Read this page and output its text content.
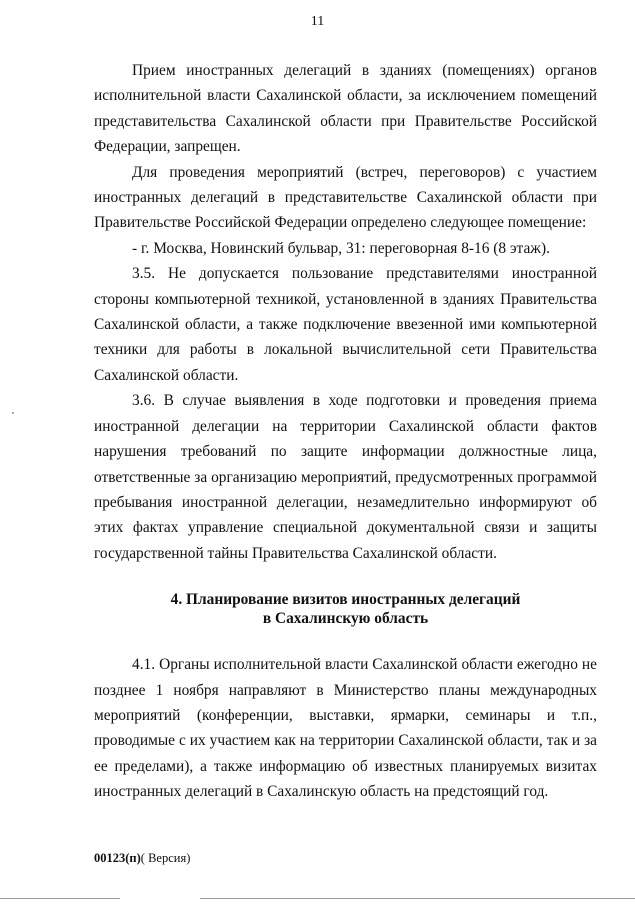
11

Прием иностранных делегаций в зданиях (помещениях) органов исполнительной власти Сахалинской области, за исключением помещений представительства Сахалинской области при Правительстве Российской Федерации, запрещен.

Для проведения мероприятий (встреч, переговоров) с участием иностранных делегаций в представительстве Сахалинской области при Правительстве Российской Федерации определено следующее помещение:

- г. Москва, Новинский бульвар, 31: переговорная 8-16 (8 этаж).

3.5. Не допускается пользование представителями иностранной стороны компьютерной техникой, установленной в зданиях Правительства Сахалинской области, а также подключение ввезенной ими компьютерной техники для работы в локальной вычислительной сети Правительства Сахалинской области.

3.6. В случае выявления в ходе подготовки и проведения приема иностранной делегации на территории Сахалинской области фактов нарушения требований по защите информации должностные лица, ответственные за организацию мероприятий, предусмотренных программой пребывания иностранной делегации, незамедлительно информируют об этих фактах управление специальной документальной связи и защиты государственной тайны Правительства Сахалинской области.

4. Планирование визитов иностранных делегаций
в Сахалинскую область

4.1. Органы исполнительной власти Сахалинской области ежегодно не позднее 1 ноября направляют в Министерство планы международных мероприятий (конференции, выставки, ярмарки, семинары и т.п., проводимые с их участием как на территории Сахалинской области, так и за ее пределами), а также информацию об известных планируемых визитах иностранных делегаций в Сахалинскую область на предстоящий год.

00123(п)( Версия)
